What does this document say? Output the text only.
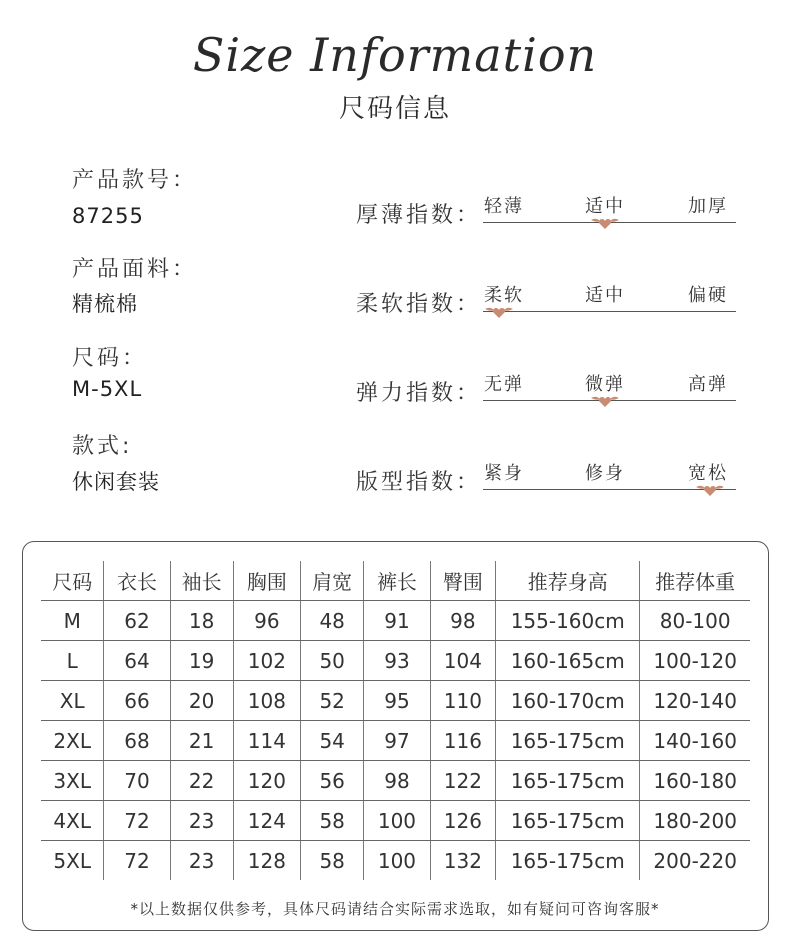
Size Information
尺码信息
产品款号：
87255
产品面料：
精梳棉
尺码：
M-5XL
款式:
休闲套装
厚薄指数： 轻薄	适中	加厚
柔软指数： 柔软	适中	偏硬
弹力指数： 无弹	微弹	高弹
版型指数： 紧身	修身	宽松
尺码	衣长	袖长	胸围	肩宽	裤长	臀围	推荐身高	推荐体重
M	62	18	96	48	91	98	155-160cm	80-100
L	64	19	102	50	93	104	160-165cm	100-120
XL	66	20	108	52	95	110	160-170cm	120-140
2XL	68	21	114	54	97	116	165-175cm	140-160
3XL	70	22	120	56	98	122	165-175cm	160-180
4XL	72	23	124	58	100	126	165-175cm	180-200
5XL	72	23	128	58	100	132	165-175cm	200-220
*以上数据仅供参考，具体尺码请结合实际需求选取，如有疑问可咨询客服*
